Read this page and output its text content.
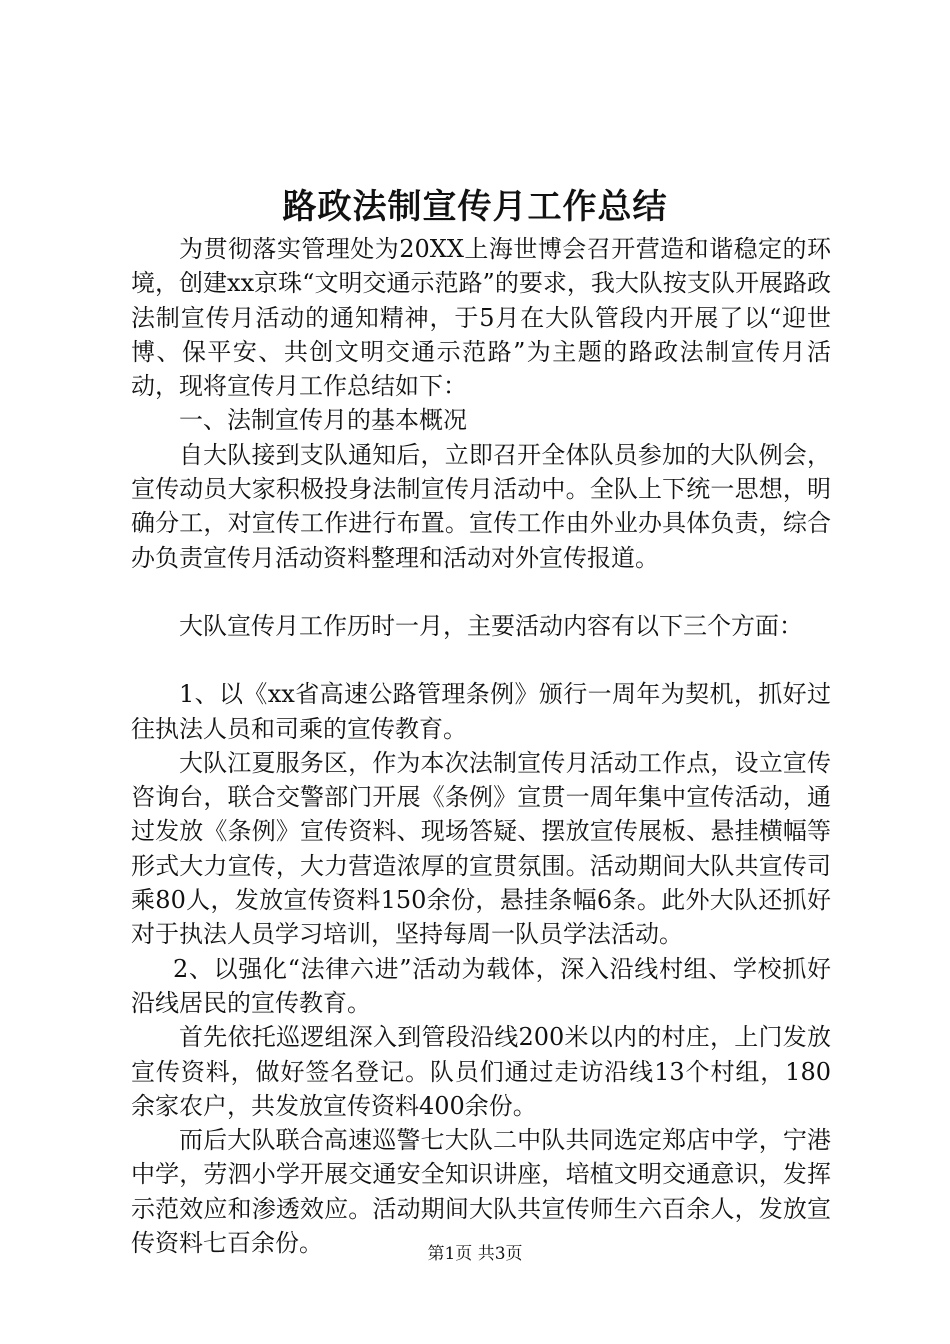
路政法制宣传月工作总结

为贯彻落实管理处为20XX上海世博会召开营造和谐稳定的环境，创建xx京珠“文明交通示范路”的要求，我大队按支队开展路政法制宣传月活动的通知精神，于5月在大队管段内开展了以“迎世博、保平安、共创文明交通示范路”为主题的路政法制宣传月活动，现将宣传月工作总结如下：

一、法制宣传月的基本概况

自大队接到支队通知后，立即召开全体队员参加的大队例会，宣传动员大家积极投身法制宣传月活动中。全队上下统一思想，明确分工，对宣传工作进行布置。宣传工作由外业办具体负责，综合办负责宣传月活动资料整理和活动对外宣传报道。

大队宣传月工作历时一月，主要活动内容有以下三个方面：

1、以《xx省高速公路管理条例》颁行一周年为契机，抓好过往执法人员和司乘的宣传教育。

大队江夏服务区，作为本次法制宣传月活动工作点，设立宣传咨询台，联合交警部门开展《条例》宣贯一周年集中宣传活动，通过发放《条例》宣传资料、现场答疑、摆放宣传展板、悬挂横幅等形式大力宣传，大力营造浓厚的宣贯氛围。活动期间大队共宣传司乘80人，发放宣传资料150余份，悬挂条幅6条。此外大队还抓好对于执法人员学习培训，坚持每周一队员学法活动。

2、以强化“法律六进”活动为载体，深入沿线村组、学校抓好沿线居民的宣传教育。

首先依托巡逻组深入到管段沿线200米以内的村庄，上门发放宣传资料，做好签名登记。队员们通过走访沿线13个村组，180余家农户，共发放宣传资料400余份。

而后大队联合高速巡警七大队二中队共同选定郑店中学，宁港中学，劳泗小学开展交通安全知识讲座，培植文明交通意识，发挥示范效应和渗透效应。活动期间大队共宣传师生六百余人，发放宣传资料七百余份。	第1页 共3页
